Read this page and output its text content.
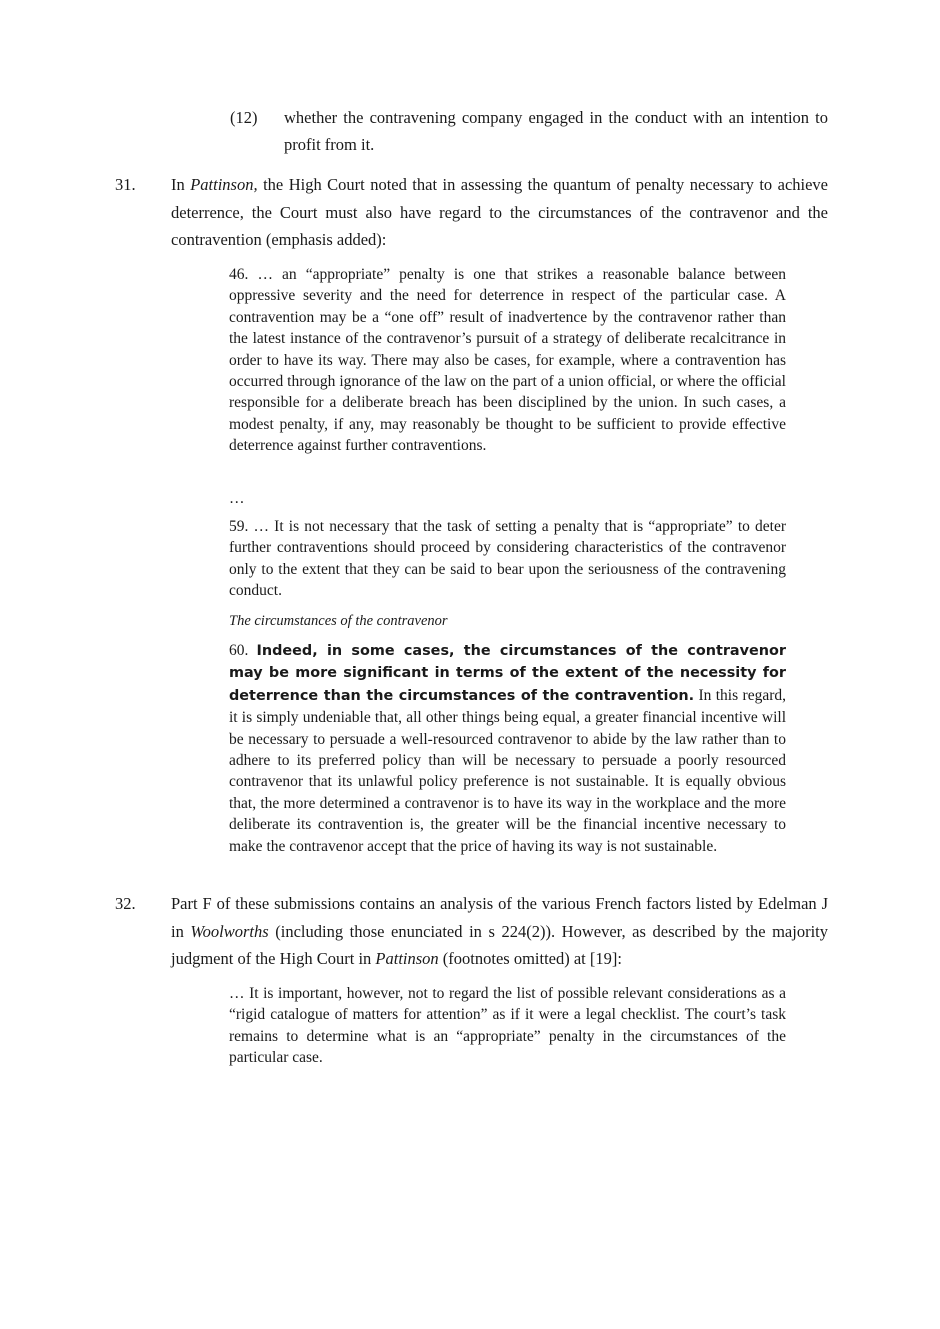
(12) whether the contravening company engaged in the conduct with an intention to profit from it.
31. In Pattinson, the High Court noted that in assessing the quantum of penalty necessary to achieve deterrence, the Court must also have regard to the circumstances of the contravenor and the contravention (emphasis added):

46. … an “appropriate” penalty is one that strikes a reasonable balance between oppressive severity and the need for deterrence in respect of the particular case. A contravention may be a “one off” result of inadvertence by the contravenor rather than the latest instance of the contravenor’s pursuit of a strategy of deliberate recalcitrance in order to have its way. There may also be cases, for example, where a contravention has occurred through ignorance of the law on the part of a union official, or where the official responsible for a deliberate breach has been disciplined by the union. In such cases, a modest penalty, if any, may reasonably be thought to be sufficient to provide effective deterrence against further contraventions.

…

59. … It is not necessary that the task of setting a penalty that is “appropriate” to deter further contraventions should proceed by considering characteristics of the contravenor only to the extent that they can be said to bear upon the seriousness of the contravening conduct.

The circumstances of the contravenor

60. Indeed, in some cases, the circumstances of the contravenor may be more significant in terms of the extent of the necessity for deterrence than the circumstances of the contravention. In this regard, it is simply undeniable that, all other things being equal, a greater financial incentive will be necessary to persuade a well-resourced contravenor to abide by the law rather than to adhere to its preferred policy than will be necessary to persuade a poorly resourced contravenor that its unlawful policy preference is not sustainable. It is equally obvious that, the more determined a contravenor is to have its way in the workplace and the more deliberate its contravention is, the greater will be the financial incentive necessary to make the contravenor accept that the price of having its way is not sustainable.

32. Part F of these submissions contains an analysis of the various French factors listed by Edelman J in Woolworths (including those enunciated in s 224(2)). However, as described by the majority judgment of the High Court in Pattinson (footnotes omitted) at [19]:

… It is important, however, not to regard the list of possible relevant considerations as a “rigid catalogue of matters for attention” as if it were a legal checklist. The court’s task remains to determine what is an “appropriate” penalty in the circumstances of the particular case.
